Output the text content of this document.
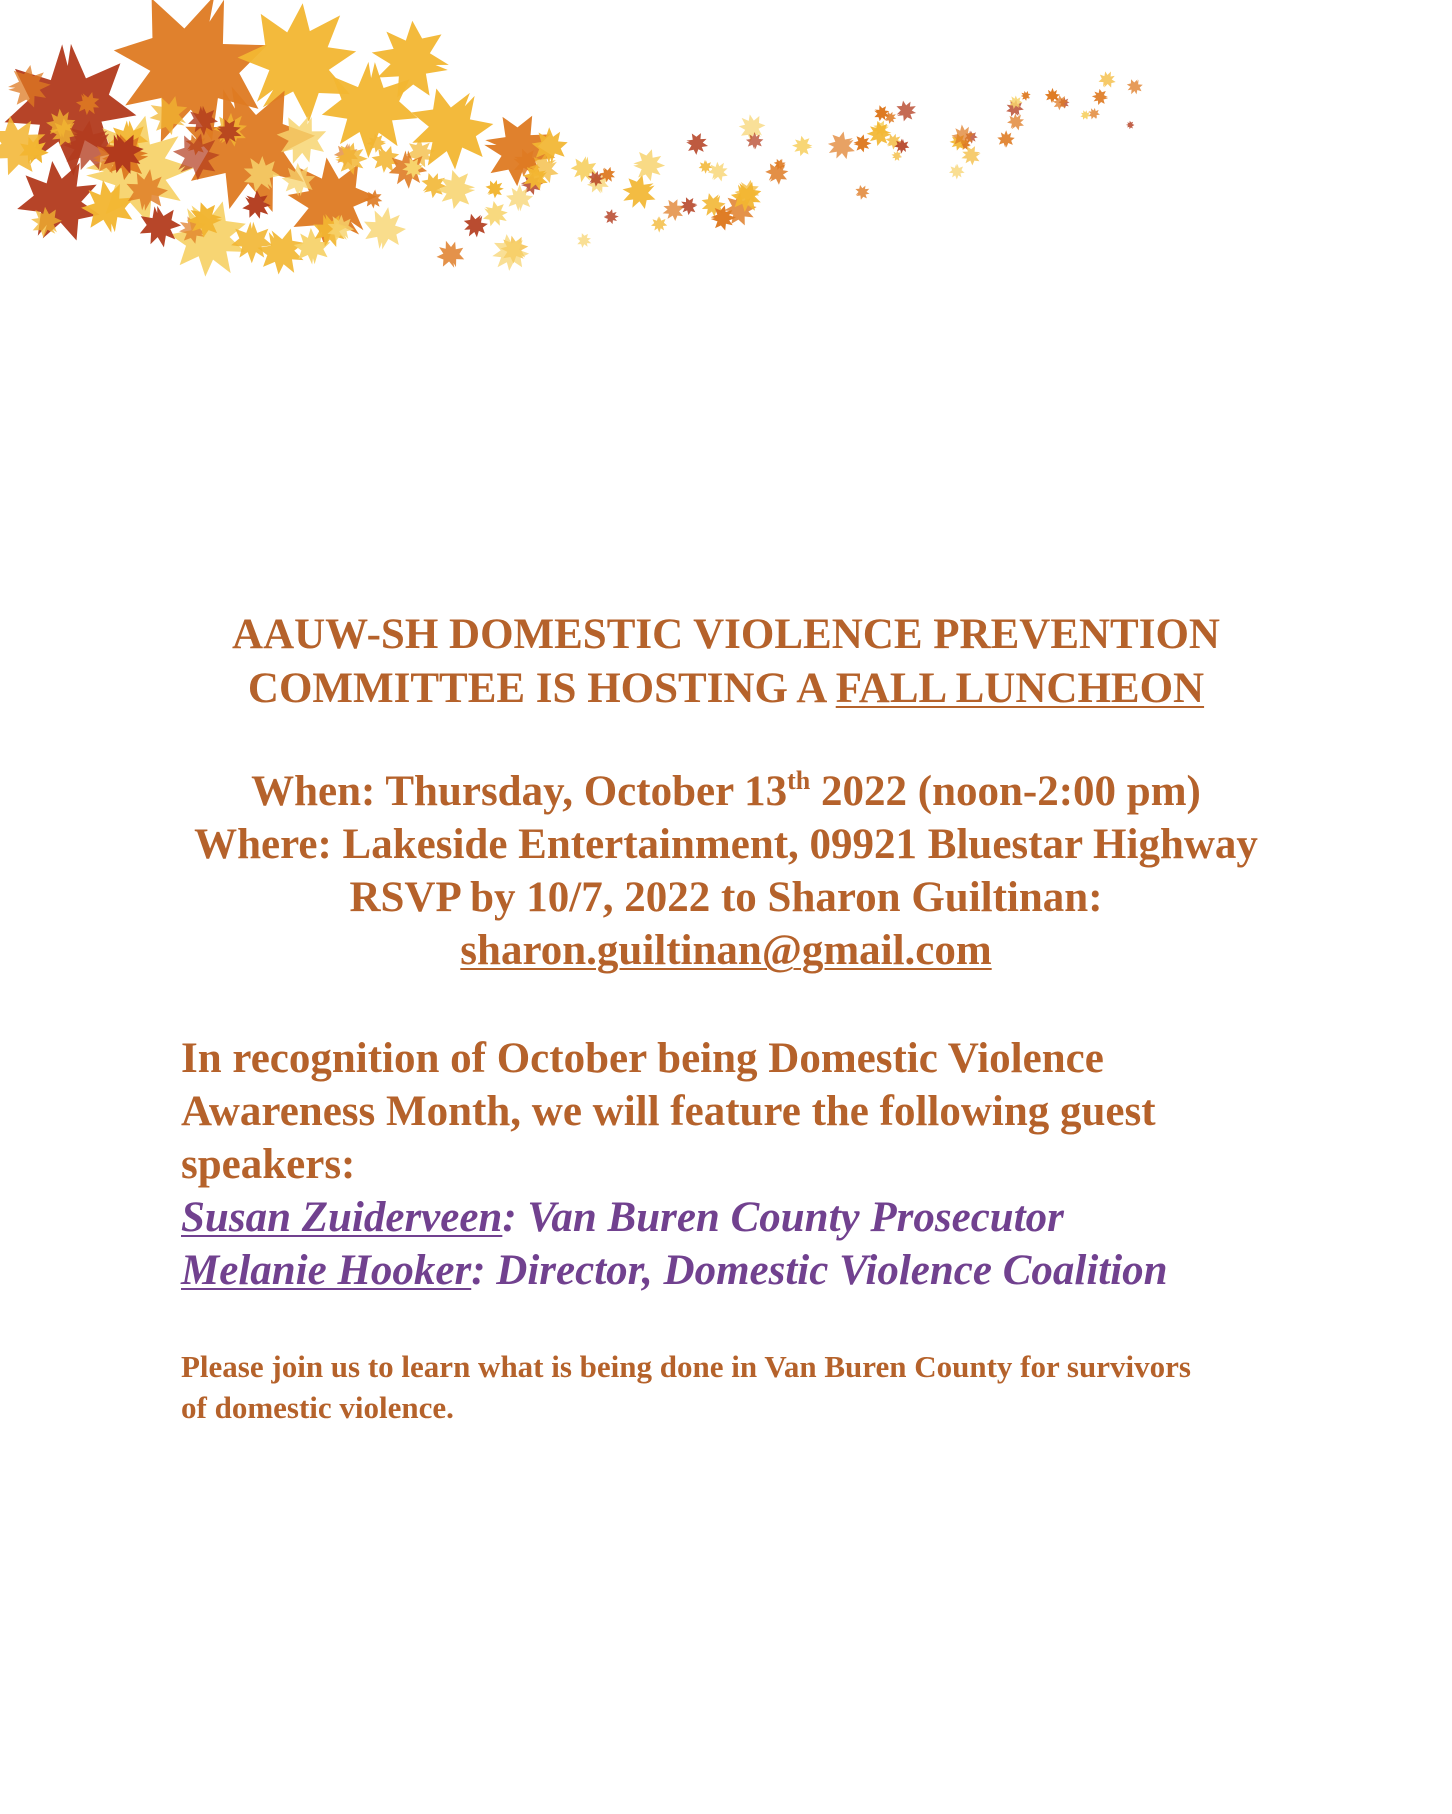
AAUW-SH DOMESTIC VIOLENCE PREVENTION
COMMITTEE IS HOSTING A FALL LUNCHEON
When: Thursday, October 13th 2022 (noon-2:00 pm)
Where: Lakeside Entertainment, 09921 Bluestar Highway
RSVP by 10/7, 2022 to Sharon Guiltinan:
sharon.guiltinan@gmail.com
In recognition of October being Domestic Violence
Awareness Month, we will feature the following guest
speakers:
Susan Zuiderveen: Van Buren County Prosecutor
Melanie Hooker: Director, Domestic Violence Coalition
Please join us to learn what is being done in Van Buren County for survivors
of domestic violence.
